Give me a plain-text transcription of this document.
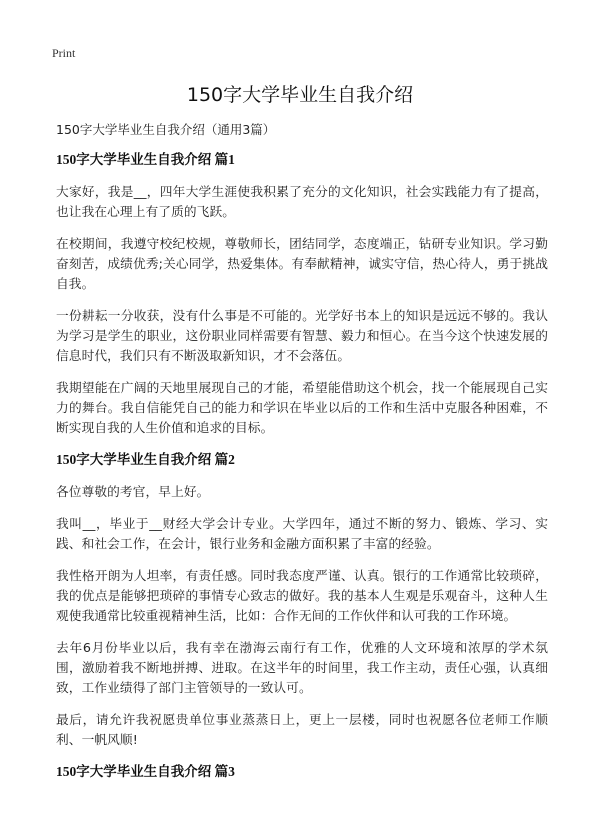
Print
150字大学毕业生自我介绍

150字大学毕业生自我介绍（通用3篇）

150字大学毕业生自我介绍 篇1

大家好，我是__，四年大学生涯使我积累了充分的文化知识，社会实践能力有了提高，也让我在心理上有了质的飞跃。

在校期间，我遵守校纪校规，尊敬师长，团结同学，态度端正，钻研专业知识。学习勤奋刻苦，成绩优秀;关心同学，热爱集体。有奉献精神，诚实守信，热心待人，勇于挑战自我。

一份耕耘一分收获，没有什么事是不可能的。光学好书本上的知识是远远不够的。我认为学习是学生的职业，这份职业同样需要有智慧、毅力和恒心。在当今这个快速发展的信息时代，我们只有不断汲取新知识，才不会落伍。

我期望能在广阔的天地里展现自己的才能，希望能借助这个机会，找一个能展现自己实力的舞台。我自信能凭自己的能力和学识在毕业以后的工作和生活中克服各种困难，不断实现自我的人生价值和追求的目标。

150字大学毕业生自我介绍 篇2

各位尊敬的考官，早上好。

我叫__，毕业于__财经大学会计专业。大学四年，通过不断的努力、锻炼、学习、实践、和社会工作，在会计，银行业务和金融方面积累了丰富的经验。

我性格开朗为人坦率，有责任感。同时我态度严谨、认真。银行的工作通常比较琐碎，我的优点是能够把琐碎的事情专心致志的做好。我的基本人生观是乐观奋斗，这种人生观使我通常比较重视精神生活，比如：合作无间的工作伙伴和认可我的工作环境。

去年6月份毕业以后，我有幸在渤海云南行有工作，优雅的人文环境和浓厚的学术氛围，激励着我不断地拼搏、进取。在这半年的时间里，我工作主动，责任心强，认真细致，工作业绩得了部门主管领导的一致认可。

最后，请允许我祝愿贵单位事业蒸蒸日上，更上一层楼，同时也祝愿各位老师工作顺利、一帆风顺!

150字大学毕业生自我介绍 篇3
